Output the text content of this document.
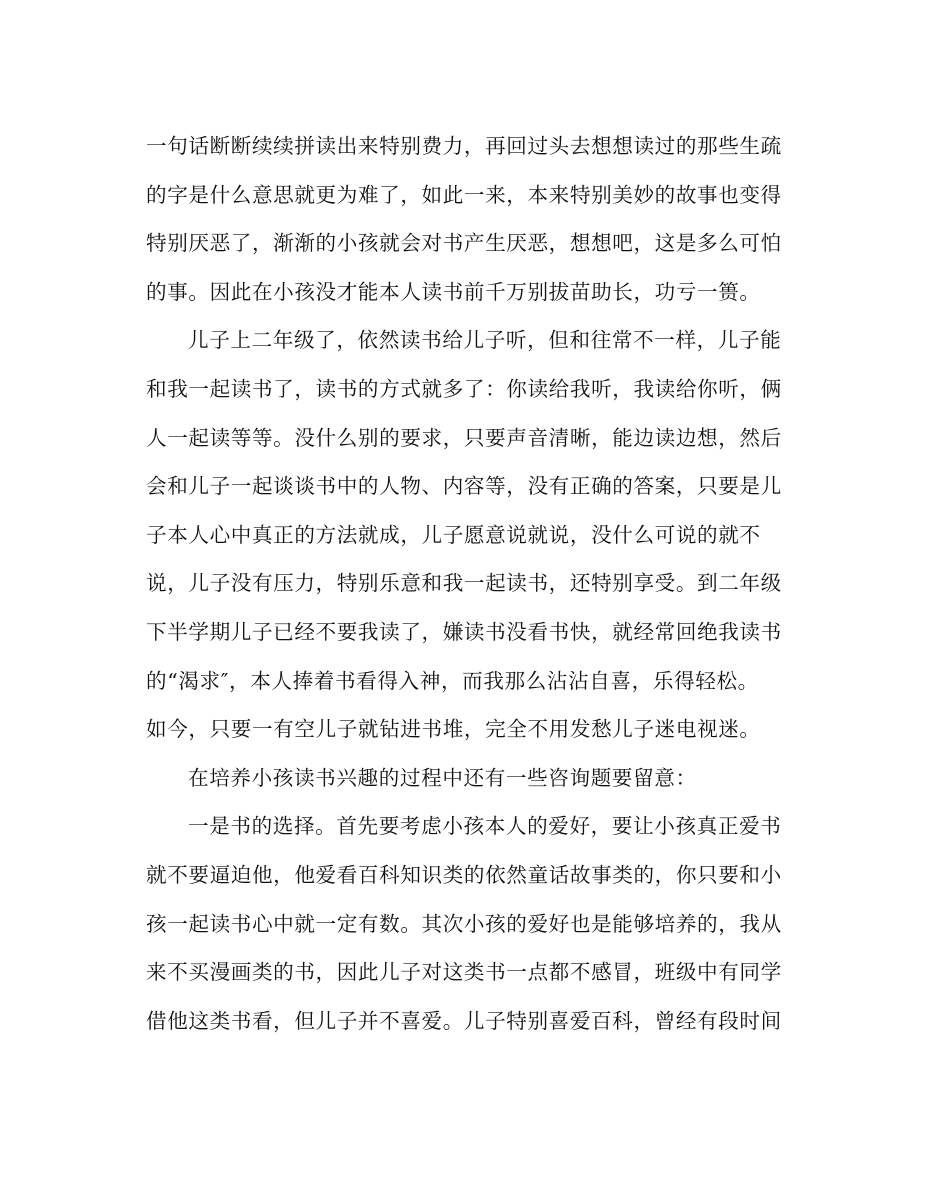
一句话断断续续拼读出来特别费力，再回过头去想想读过的那些生疏
的字是什么意思就更为难了，如此一来，本来特别美妙的故事也变得
特别厌恶了，渐渐的小孩就会对书产生厌恶，想想吧，这是多么可怕
的事。因此在小孩没才能本人读书前千万别拔苗助长，功亏一篑。
儿子上二年级了，依然读书给儿子听，但和往常不一样，儿子能
和我一起读书了，读书的方式就多了：你读给我听，我读给你听，俩
人一起读等等。没什么别的要求，只要声音清晰，能边读边想，然后
会和儿子一起谈谈书中的人物、内容等，没有正确的答案，只要是儿
子本人心中真正的方法就成，儿子愿意说就说，没什么可说的就不
说，儿子没有压力，特别乐意和我一起读书，还特别享受。到二年级
下半学期儿子已经不要我读了，嫌读书没看书快，就经常回绝我读书
的“渴求″，本人捧着书看得入神，而我那么沾沾自喜，乐得轻松。
如今，只要一有空儿子就钻进书堆，完全不用发愁儿子迷电视迷。
在培养小孩读书兴趣的过程中还有一些咨询题要留意：
一是书的选择。首先要考虑小孩本人的爱好，要让小孩真正爱书
就不要逼迫他，他爱看百科知识类的依然童话故事类的，你只要和小
孩一起读书心中就一定有数。其次小孩的爱好也是能够培养的，我从
来不买漫画类的书，因此儿子对这类书一点都不感冒，班级中有同学
借他这类书看，但儿子并不喜爱。儿子特别喜爱百科，曾经有段时间
